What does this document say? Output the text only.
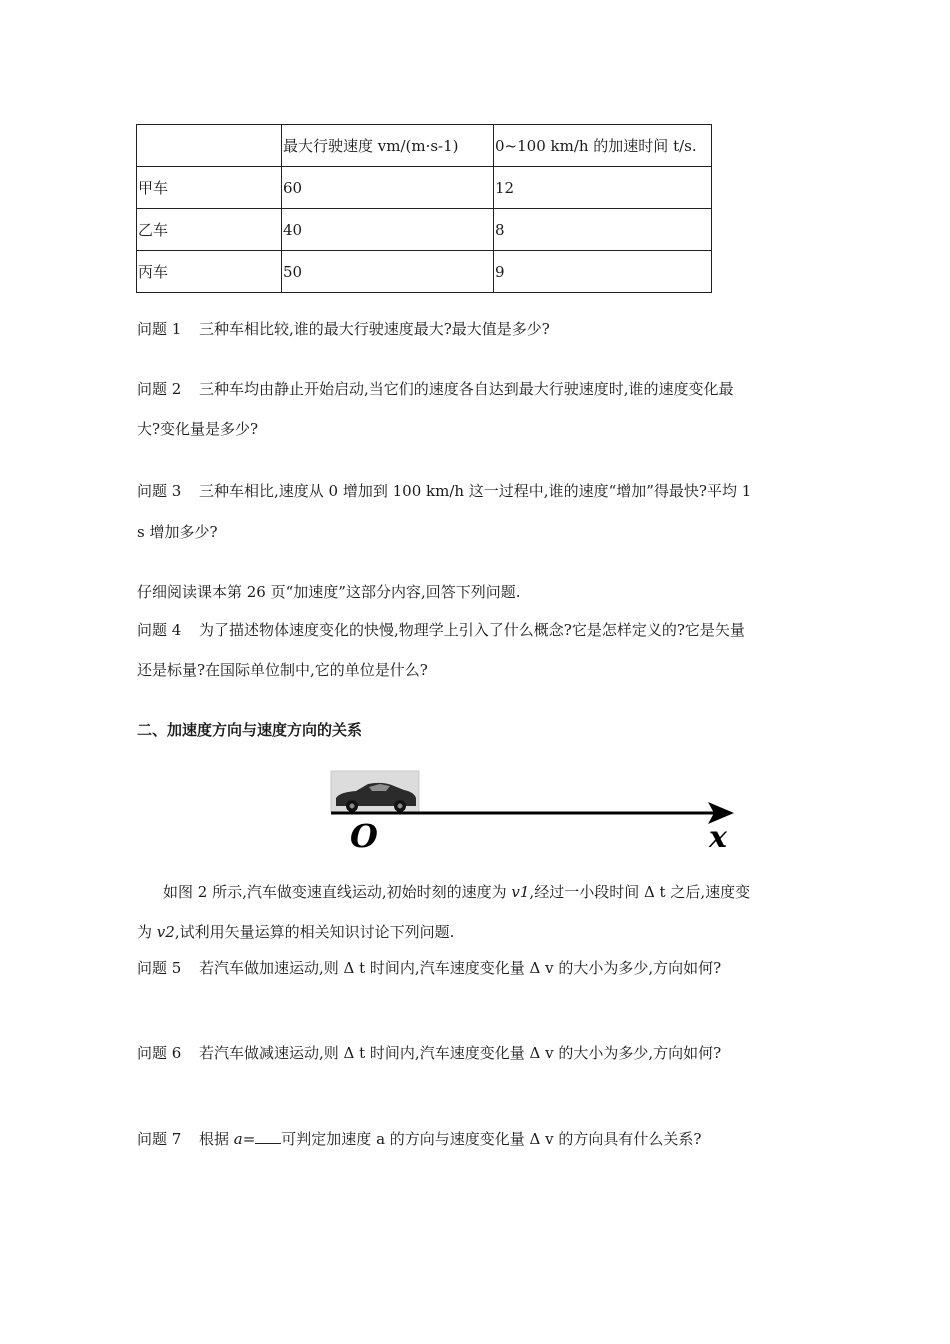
	最大行驶速度 vm/(m·s-1)	0~100 km/h 的加速时间 t/s.
甲车	60	12
乙车	40	8
丙车	50	9
问题 1 三种车相比较,谁的最大行驶速度最大?最大值是多少?
问题 2 三种车均由静止开始启动,当它们的速度各自达到最大行驶速度时,谁的速度变化最
大?变化量是多少?
问题 3 三种车相比,速度从 0 增加到 100 km/h 这一过程中,谁的速度“增加”得最快?平均 1
s 增加多少?
仔细阅读课本第 26 页“加速度”这部分内容,回答下列问题.
问题 4 为了描述物体速度变化的快慢,物理学上引入了什么概念?它是怎样定义的?它是矢量
还是标量?在国际单位制中,它的单位是什么?
二、加速度方向与速度方向的关系
O	x
如图 2 所示,汽车做变速直线运动,初始时刻的速度为 v1,经过一小段时间 Δ t 之后,速度变
为 v2,试利用矢量运算的相关知识讨论下列问题.
问题 5 若汽车做加速运动,则 Δ t 时间内,汽车速度变化量 Δ v 的大小为多少,方向如何?
问题 6 若汽车做减速运动,则 Δ t 时间内,汽车速度变化量 Δ v 的大小为多少,方向如何?
问题 7 根据 a= 可判定加速度 a 的方向与速度变化量 Δ v 的方向具有什么关系?
